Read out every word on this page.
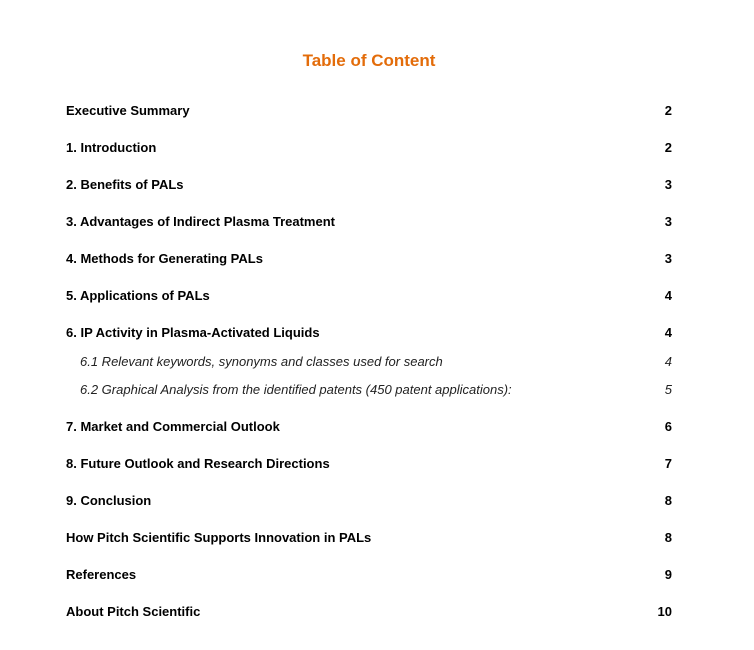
Table of Content
Executive Summary	2
1. Introduction	2
2. Benefits of PALs	3
3. Advantages of Indirect Plasma Treatment	3
4. Methods for Generating PALs	3
5. Applications of PALs	4
6. IP Activity in Plasma-Activated Liquids	4
6.1 Relevant keywords, synonyms and classes used for search	4
6.2 Graphical Analysis from the identified patents (450 patent applications):	5
7. Market and Commercial Outlook	6
8. Future Outlook and Research Directions	7
9. Conclusion	8
How Pitch Scientific Supports Innovation in PALs	8
References	9
About Pitch Scientific	10
